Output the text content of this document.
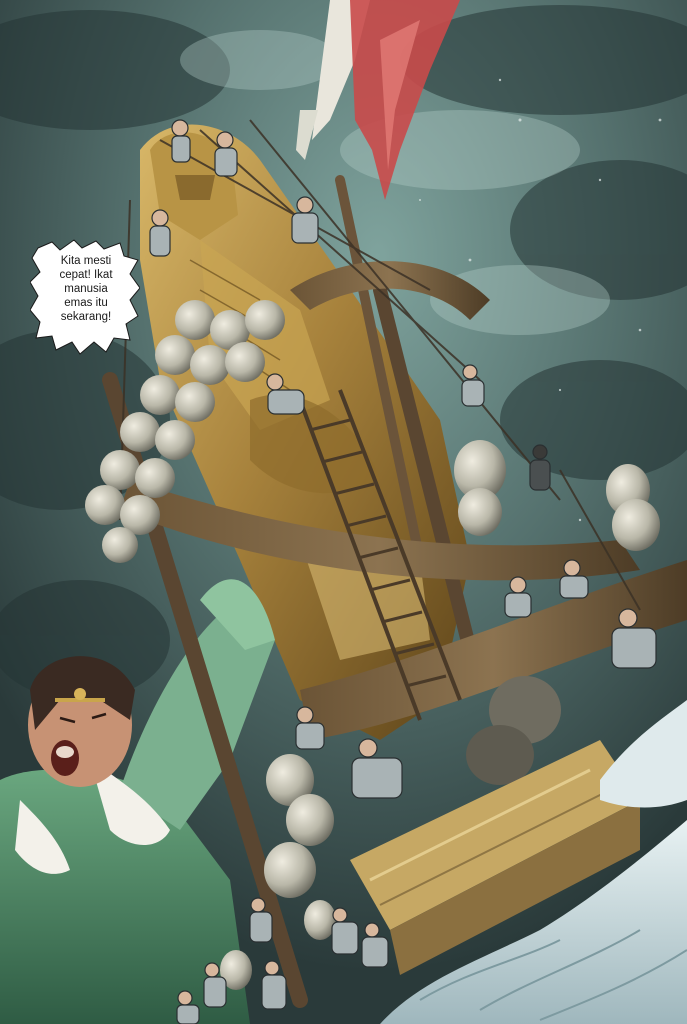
Kita mesti
cepat! Ikat
manusia
emas itu
sekarang!
